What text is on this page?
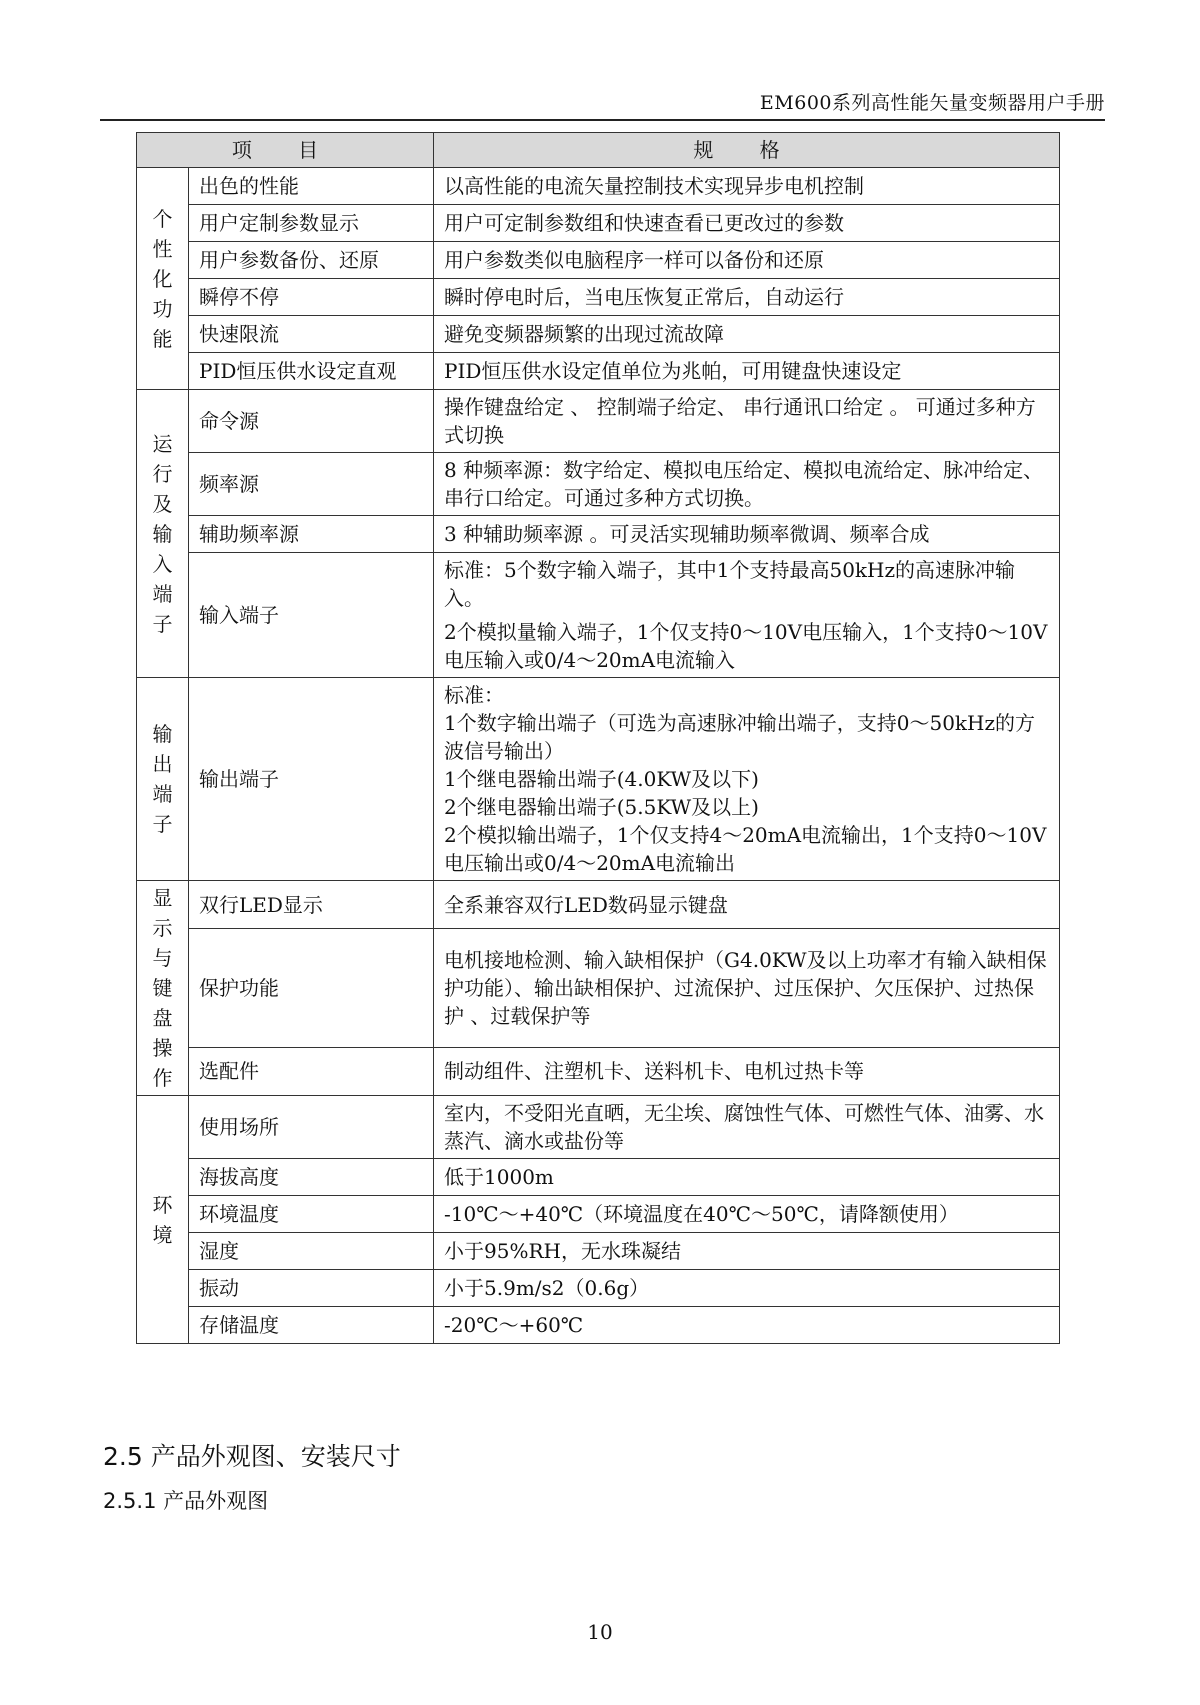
EM600系列高性能矢量变频器用户手册
项 目		规 格

个性化功能	出色的性能	以高性能的电流矢量控制技术实现异步电机控制

	用户定制参数显示	用户可定制参数组和快速查看已更改过的参数

	用户参数备份、还原	用户参数类似电脑程序一样可以备份和还原

	瞬停不停	瞬时停电时后，当电压恢复正常后，自动运行

	快速限流	避免变频器频繁的出现过流故障

	PID恒压供水设定直观	PID恒压供水设定值单位为兆帕，可用键盘快速设定

运行及输入端子	命令源	操作键盘给定 、 控制端子给定、 串行通讯口给定 。 可通过多种方式切换

	频率源	8 种频率源：数字给定、模拟电压给定、模拟电流给定、脉冲给定、串行口给定。可通过多种方式切换。

	辅助频率源	3 种辅助频率源 。可灵活实现辅助频率微调、频率合成

	输入端子	标准：5个数字输入端子，其中1个支持最高50kHz的高速脉冲输入。
2个模拟量输入端子，1个仅支持0～10V电压输入，1个支持0～10V电压输入或0/4～20mA电流输入

输出端子	输出端子	标准：
1个数字输出端子（可选为高速脉冲输出端子，支持0～50kHz的方波信号输出）
1个继电器输出端子(4.0KW及以下)
2个继电器输出端子(5.5KW及以上)
2个模拟输出端子，1个仅支持4～20mA电流输出，1个支持0～10V电压输出或0/4～20mA电流输出

显示与键盘操作	双行LED显示	全系兼容双行LED数码显示键盘

	保护功能	电机接地检测、输入缺相保护（G4.0KW及以上功率才有输入缺相保护功能）、输出缺相保护、过流保护、过压保护、欠压保护、过热保护 、过载保护等

	选配件	制动组件、注塑机卡、送料机卡、电机过热卡等

环境	使用场所	室内，不受阳光直晒，无尘埃、腐蚀性气体、可燃性气体、油雾、水蒸汽、滴水或盐份等

	海拔高度	低于1000m

	环境温度	-10℃～+40℃（环境温度在40℃～50℃，请降额使用）

	湿度	小于95%RH，无水珠凝结

	振动	小于5.9m/s2（0.6g）

	存储温度	-20℃～+60℃
2.5 产品外观图、安装尺寸
2.5.1 产品外观图
10
